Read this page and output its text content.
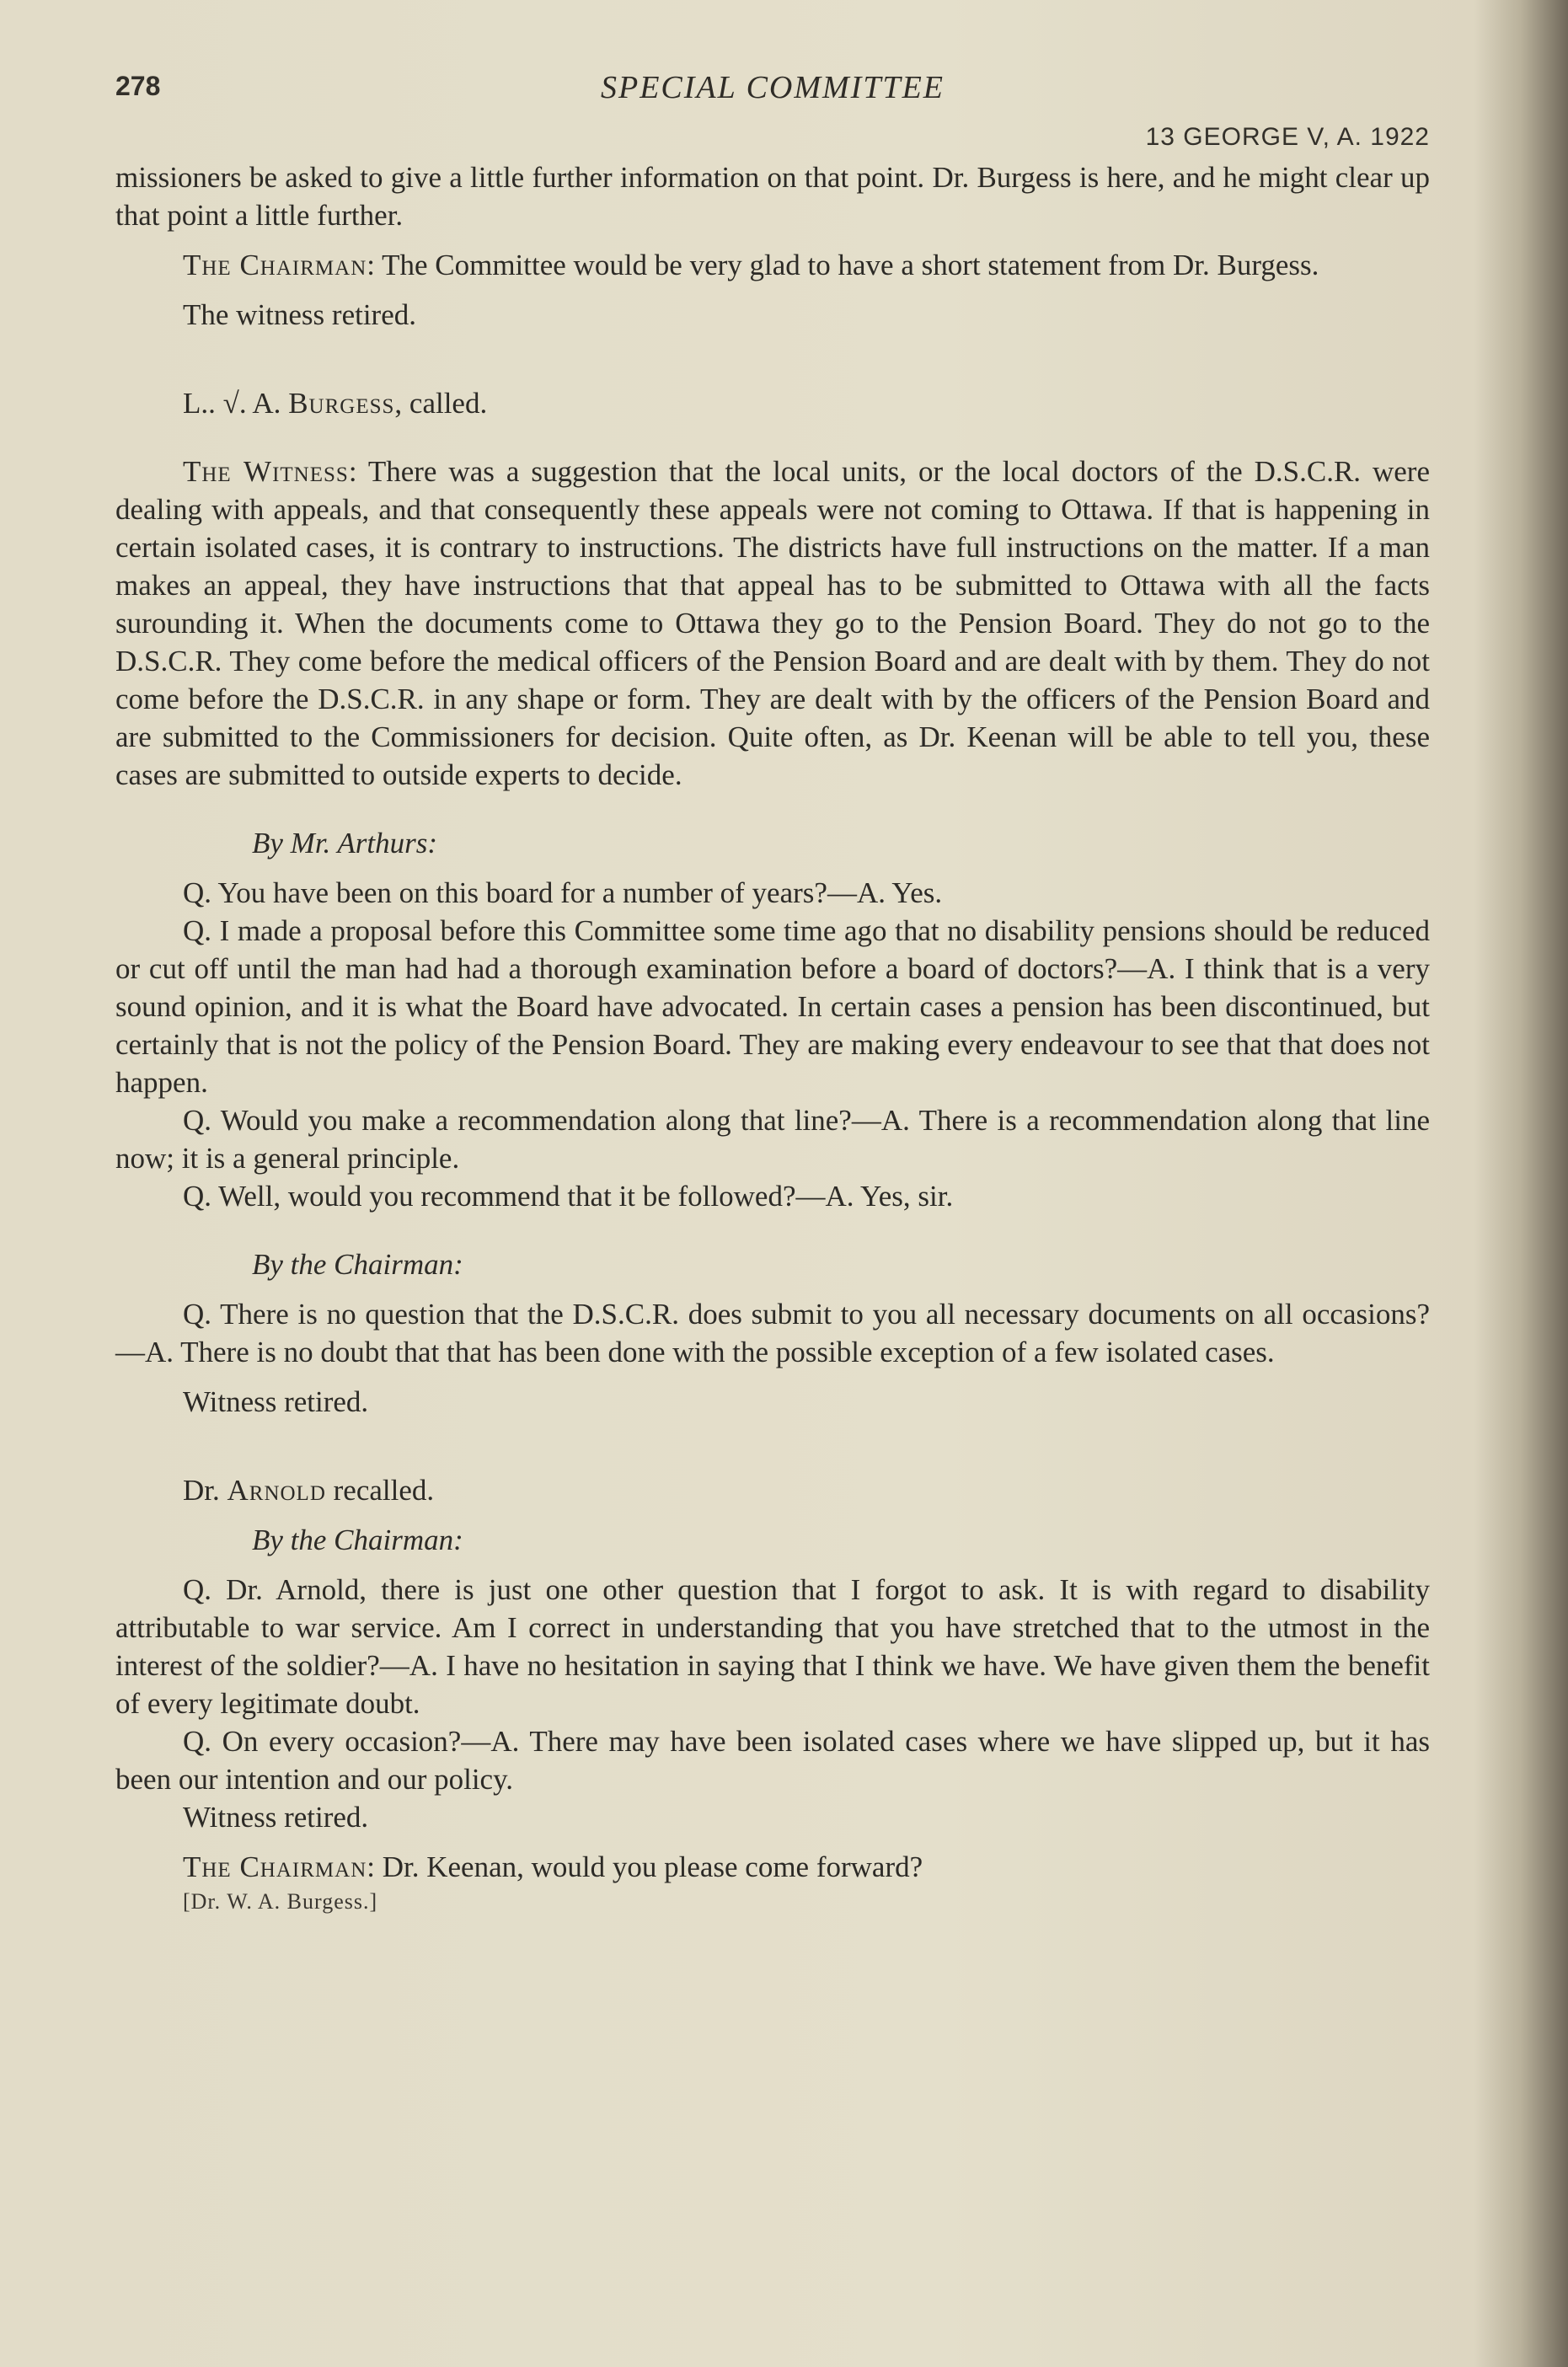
278	SPECIAL COMMITTEE
13 GEORGE V, A. 1922

missioners be asked to give a little further information on that point. Dr. Burgess is here, and he might clear up that point a little further.

The Chairman: The Committee would be very glad to have a short statement from Dr. Burgess.

The witness retired.

L.. √. A. Burgess, called.

The Witness: There was a suggestion that the local units, or the local doctors of the D.S.C.R. were dealing with appeals, and that consequently these appeals were not coming to Ottawa. If that is happening in certain isolated cases, it is contrary to instructions. The districts have full instructions on the matter. If a man makes an appeal, they have instructions that that appeal has to be submitted to Ottawa with all the facts surounding it. When the documents come to Ottawa they go to the Pension Board. They do not go to the D.S.C.R. They come before the medical officers of the Pension Board and are dealt with by them. They do not come before the D.S.C.R. in any shape or form. They are dealt with by the officers of the Pension Board and are submitted to the Commissioners for decision. Quite often, as Dr. Keenan will be able to tell you, these cases are submitted to outside experts to decide.

By Mr. Arthurs:

Q. You have been on this board for a number of years?—A. Yes.

Q. I made a proposal before this Committee some time ago that no disability pensions should be reduced or cut off until the man had had a thorough examination before a board of doctors?—A. I think that is a very sound opinion, and it is what the Board have advocated. In certain cases a pension has been discontinued, but certainly that is not the policy of the Pension Board. They are making every endeavour to see that that does not happen.

Q. Would you make a recommendation along that line?—A. There is a recommendation along that line now; it is a general principle.

Q. Well, would you recommend that it be followed?—A. Yes, sir.

By the Chairman:

Q. There is no question that the D.S.C.R. does submit to you all necessary documents on all occasions?—A. There is no doubt that that has been done with the possible exception of a few isolated cases.

Witness retired.

Dr. Arnold recalled.

By the Chairman:

Q. Dr. Arnold, there is just one other question that I forgot to ask. It is with regard to disability attributable to war service. Am I correct in understanding that you have stretched that to the utmost in the interest of the soldier?—A. I have no hesitation in saying that I think we have. We have given them the benefit of every legitimate doubt.

Q. On every occasion?—A. There may have been isolated cases where we have slipped up, but it has been our intention and our policy.

Witness retired.

The Chairman: Dr. Keenan, would you please come forward?

[Dr. W. A. Burgess.]
